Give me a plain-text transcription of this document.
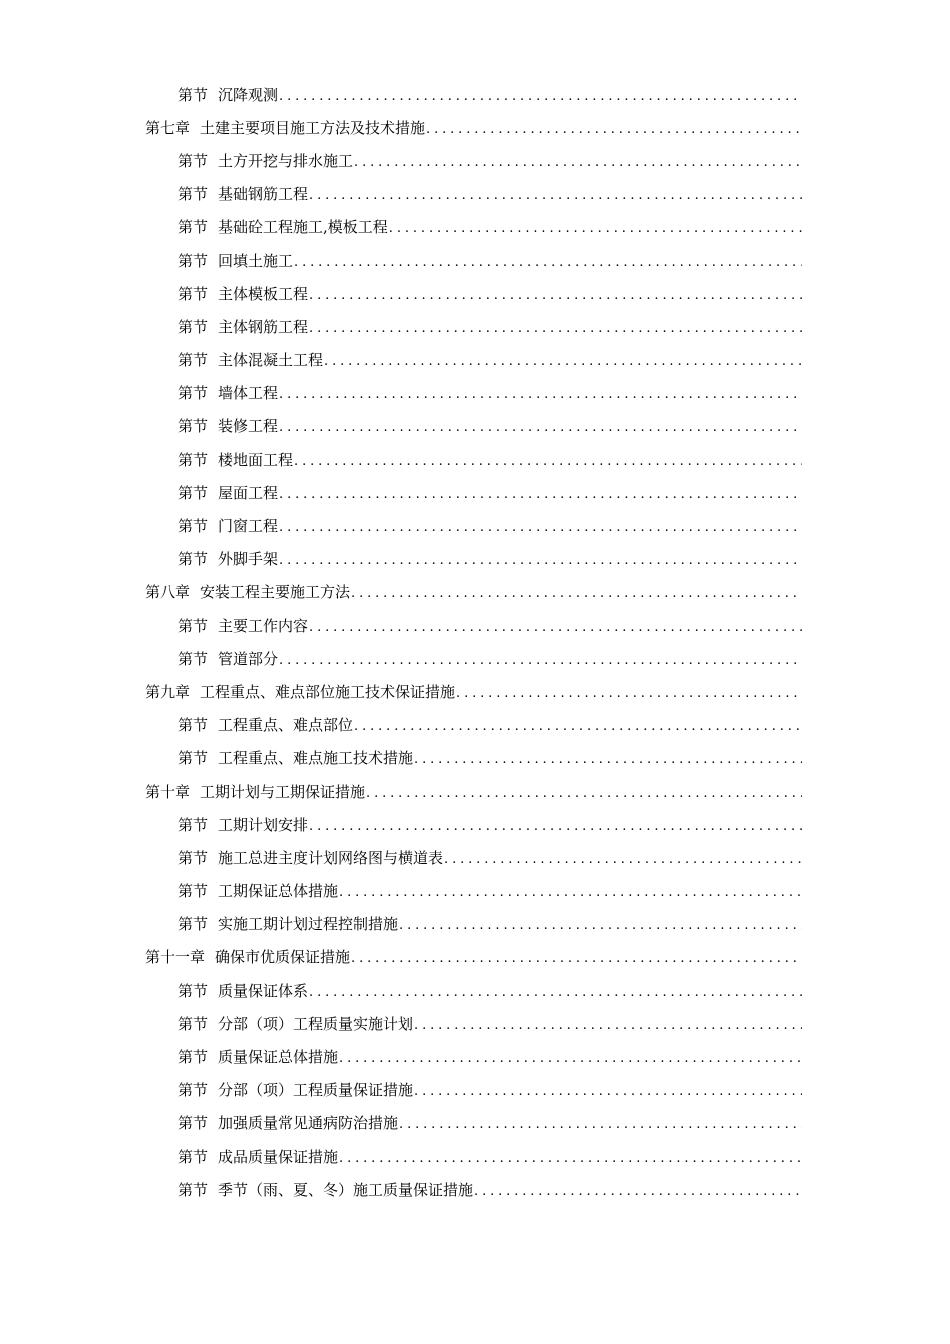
第节 沉降观测
.....
第七章 土建主要项目施工方法及技术措施
.....
第节 土方开挖与排水施工
.....
第节 基础钢筋工程
.....
第节 基础砼工程施工,模板工程
.....
第节 回填土施工
.....
第节 主体模板工程
.....
第节 主体钢筋工程
.....
第节 主体混凝土工程
.....
第节 墙体工程
.....
第节 装修工程
.....
第节 楼地面工程
.....
第节 屋面工程
.....
第节 门窗工程
.....
第节 外脚手架
.....
第八章 安装工程主要施工方法
.....
第节 主要工作内容
.....
第节 管道部分
.....
第九章 工程重点、难点部位施工技术保证措施
.....
第节 工程重点、难点部位
.....
第节 工程重点、难点施工技术措施
.....
第十章 工期计划与工期保证措施
.....
第节 工期计划安排
.....
第节 施工总进主度计划网络图与横道表
.....
第节 工期保证总体措施
.....
第节 实施工期计划过程控制措施
.....
第十一章 确保市优质保证措施
.....
第节 质量保证体系
.....
第节 分部（项）工程质量实施计划
.....
第节 质量保证总体措施
.....
第节 分部（项）工程质量保证措施
.....
第节 加强质量常见通病防治措施
.....
第节 成品质量保证措施
.....
第节 季节（雨、夏、冬）施工质量保证措施
.....
